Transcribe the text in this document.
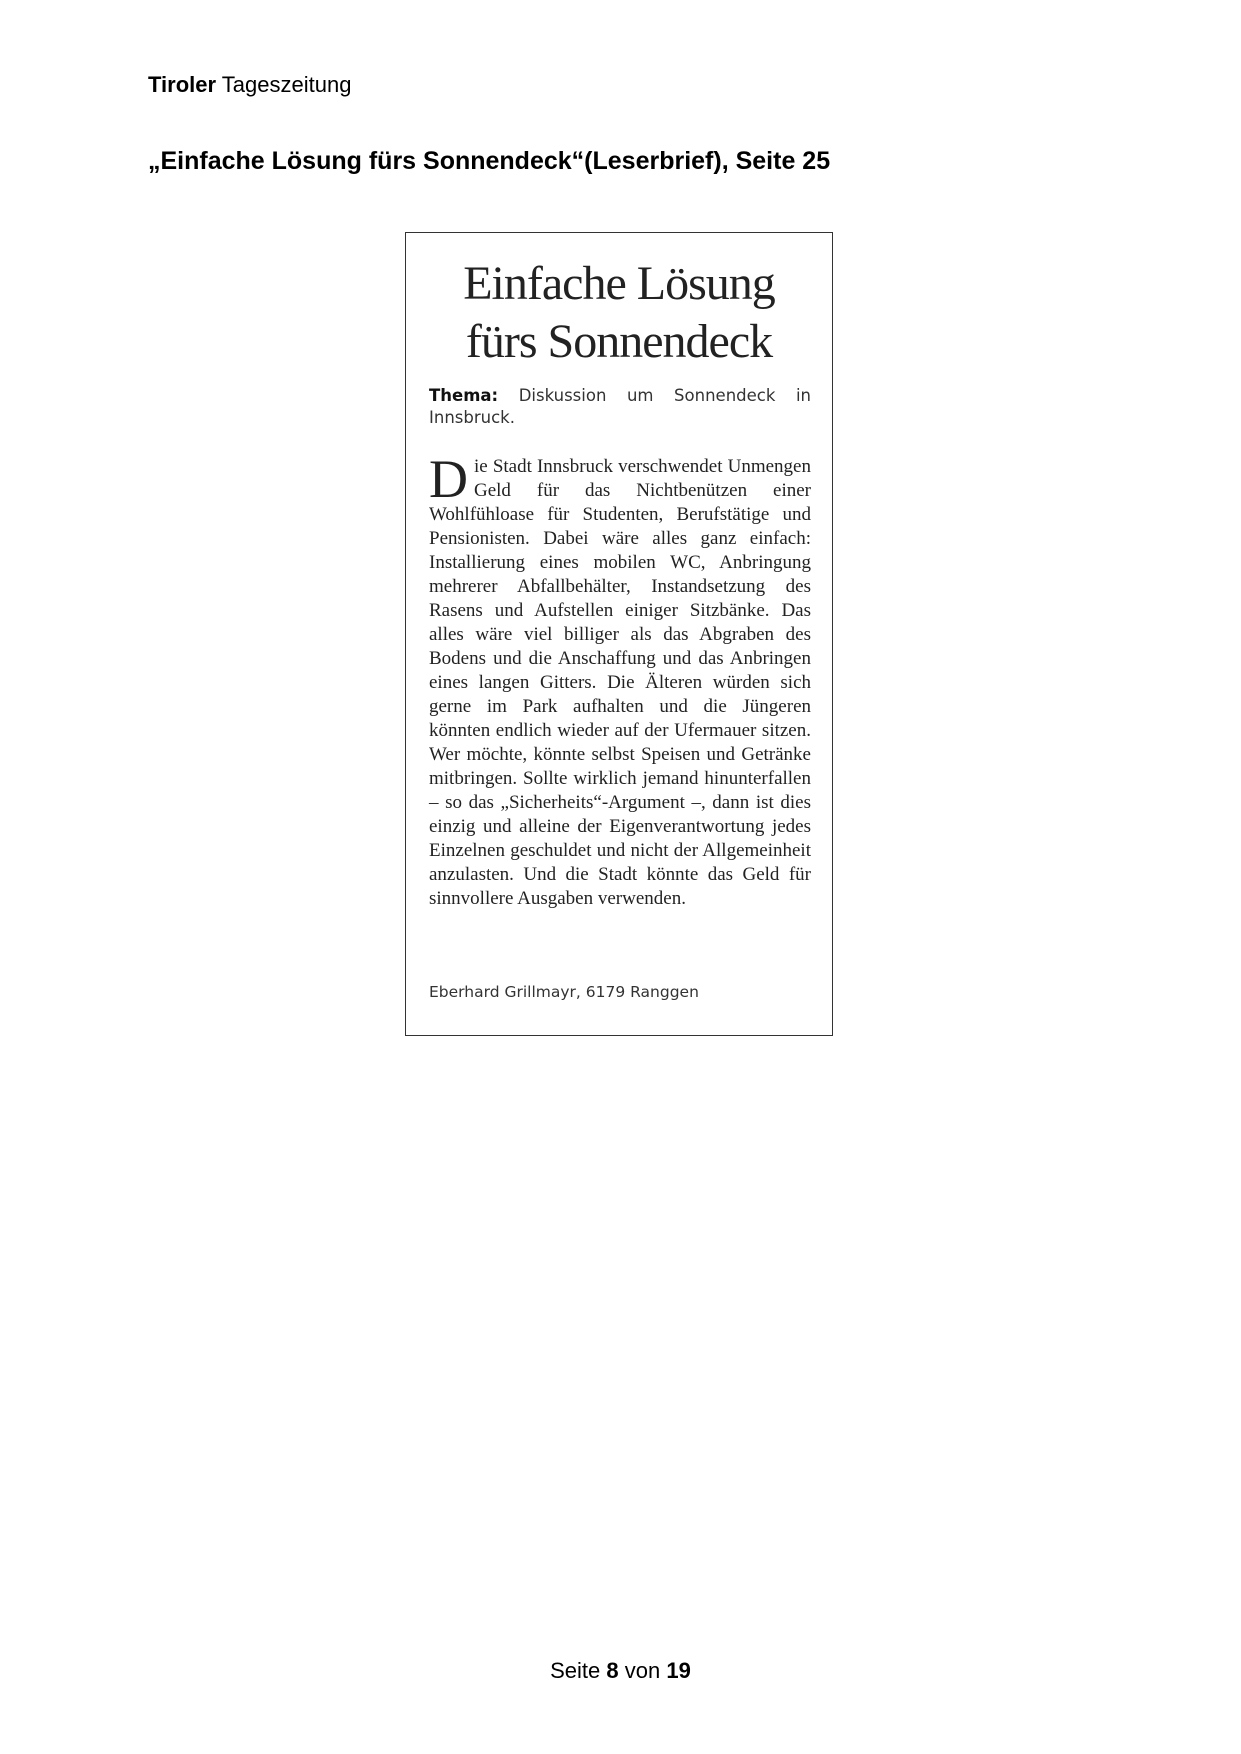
Tiroler Tageszeitung
„Einfache Lösung fürs Sonnendeck“(Leserbrief), Seite 25
Einfache Lösung
fürs Sonnendeck
Thema: Diskussion um Sonnendeck in Innsbruck.
D ie Stadt Innsbruck verschwendet Unmengen Geld für das Nichtbenützen einer Wohlfühloase für Studenten, Berufstätige und Pensionisten. Dabei wäre alles ganz einfach: Installierung eines mobilen WC, Anbringung mehrerer Abfallbehälter, Instandsetzung des Rasens und Aufstellen einiger Sitzbänke. Das alles wäre viel billiger als das Abgraben des Bodens und die Anschaffung und das Anbringen eines langen Gitters. Die Älteren würden sich gerne im Park aufhalten und die Jüngeren könnten endlich wieder auf der Ufermauer sitzen. Wer möchte, könnte selbst Speisen und Getränke mitbringen. Sollte wirklich jemand hinunterfallen – so das „Sicherheits“-Argument –, dann ist dies einzig und alleine der Eigenverantwortung jedes Einzelnen geschuldet und nicht der Allgemeinheit anzulasten. Und die Stadt könnte das Geld für sinnvollere Ausgaben verwenden.
Eberhard Grillmayr, 6179 Ranggen
Seite 8 von 19
